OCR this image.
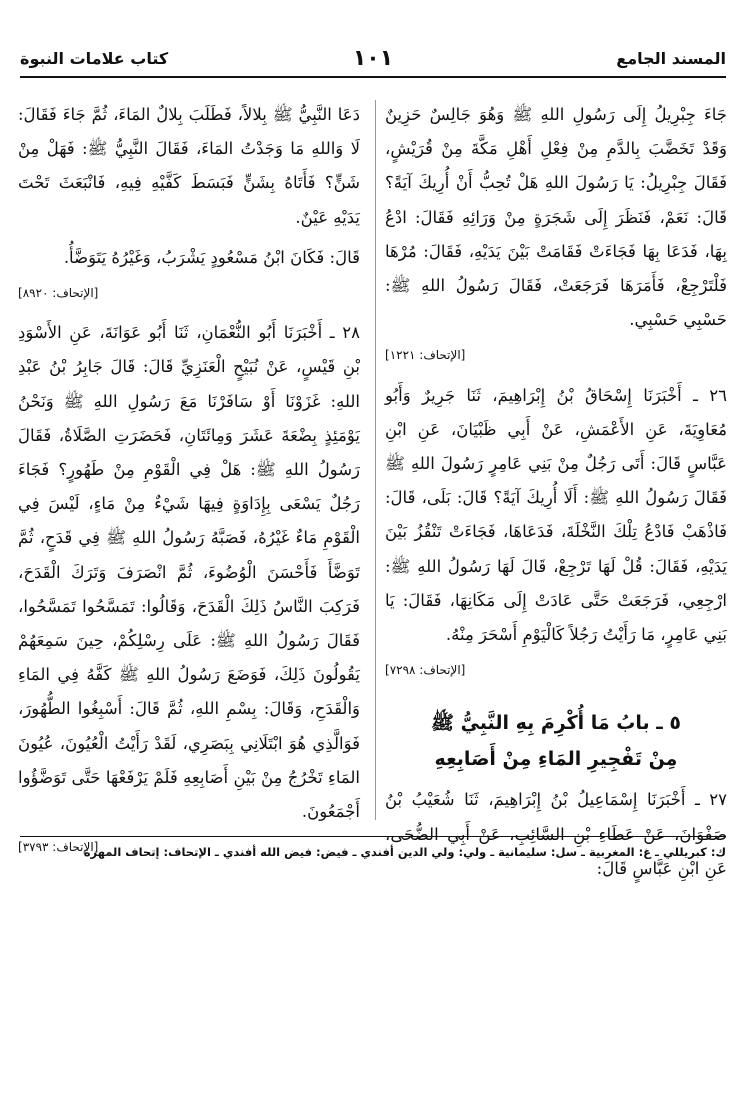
المسند الجامع
١٠١
كتاب علامات النبوة

جَاءَ جِبْرِيلُ إِلَى رَسُولِ اللهِ ﷺ وَهُوَ جَالِسٌ حَزِينٌ وَقَدْ تَخَضَّبَ بِالدَّمِ مِنْ فِعْلِ أَهْلِ مَكَّةَ مِنْ قُرَيْشٍ، فَقَالَ جِبْرِيلُ: يَا رَسُولَ اللهِ هَلْ تُحِبُّ أَنْ أُرِيكَ آيَةً؟ قَالَ: نَعَمْ، فَنَظَرَ إِلَى شَجَرَةٍ مِنْ وَرَائِهِ فَقَالَ: ادْعُ بِهَا، فَدَعَا بِهَا فَجَاءَتْ فَقَامَتْ بَيْنَ يَدَيْهِ، فَقَالَ: مُرْهَا فَلْتَرْجِعْ، فَأَمَرَهَا فَرَجَعَتْ، فَقَالَ رَسُولُ اللهِ ﷺ: حَسْبِي حَسْبِي.

[الإتحاف: ١٢٢١]

٢٦ ـ أَخْبَرَنَا إِسْحَاقُ بْنُ إِبْرَاهِيمَ، ثَنَا جَرِيرٌ وَأَبُو مُعَاوِيَةَ، عَنِ الأَعْمَشِ، عَنْ أَبِي ظَبْيَانَ، عَنِ ابْنِ عَبَّاسٍ قَالَ: أَتَى رَجُلٌ مِنْ بَنِي عَامِرٍ رَسُولَ اللهِ ﷺ فَقَالَ رَسُولُ اللهِ ﷺ: أَلَا أُرِيكَ آيَةً؟ قَالَ: بَلَى، قَالَ: فَاذْهَبْ فَادْعُ تِلْكَ النَّخْلَةَ، فَدَعَاهَا، فَجَاءَتْ تَنْقُزُ بَيْنَ يَدَيْهِ، فَقَالَ: قُلْ لَهَا تَرْجِعْ، قَالَ لَهَا رَسُولُ اللهِ ﷺ: ارْجِعِي، فَرَجَعَتْ حَتَّى عَادَتْ إِلَى مَكَانِهَا، فَقَالَ: يَا بَنِي عَامِرٍ، مَا رَأَيْتُ رَجُلاً كَالْيَوْمِ أَسْحَرَ مِنْهُ.

[الإتحاف: ٧٢٩٨]

٥ ـ بابُ مَا أُكْرِمَ بِهِ النَّبِيُّ ﷺ
مِنْ تَفْجِيرِ المَاءِ مِنْ أَصَابِعِهِ

٢٧ ـ أَخْبَرَنَا إِسْمَاعِيلُ بْنُ إِبْرَاهِيمَ، ثَنَا شُعَيْبُ بْنُ صَفْوَانَ، عَنْ عَطَاءِ بْنِ السَّائِبِ، عَنْ أَبِي الضُّحَى، عَنِ ابْنِ عَبَّاسٍ قَالَ:

دَعَا النَّبِيُّ ﷺ بِلالاً، فَطَلَبَ بِلالٌ المَاءَ، ثُمَّ جَاءَ فَقَالَ: لَا وَاللهِ مَا وَجَدْتُ المَاءَ، فَقَالَ النَّبِيُّ ﷺ: فَهَلْ مِنْ شَنٍّ؟ فَأَتَاهُ بِشَنٍّ فَبَسَطَ كَفَّيْهِ فِيهِ، فَانْبَعَثَ تَحْتَ يَدَيْهِ عَيْنٌ.

قَالَ: فَكَانَ ابْنُ مَسْعُودٍ يَشْرَبُ، وَغَيْرُهُ يَتَوَضَّأُ.

[الإتحاف: ٨٩٢٠]

٢٨ ـ أَخْبَرَنَا أَبُو النُّعْمَانِ، ثَنَا أَبُو عَوَانَةَ، عَنِ الأَسْوَدِ بْنِ قَيْسٍ، عَنْ نُبَيْحٍ الْعَنَزِيِّ قَالَ: قَالَ جَابِرُ بْنُ عَبْدِ اللهِ: غَزَوْنَا أَوْ سَافَرْنَا مَعَ رَسُولِ اللهِ ﷺ وَنَحْنُ يَوْمَئِذٍ بِضْعَةَ عَشَرَ وَمِائَتَانِ، فَحَضَرَتِ الصَّلَاةُ، فَقَالَ رَسُولُ اللهِ ﷺ: هَلْ فِي الْقَوْمِ مِنْ طَهُورٍ؟ فَجَاءَ رَجُلٌ يَسْعَى بِإِدَاوَةٍ فِيهَا شَيْءٌ مِنْ مَاءٍ، لَيْسَ فِي الْقَوْمِ مَاءٌ غَيْرُهُ، فَصَبَّهُ رَسُولُ اللهِ ﷺ فِي قَدَحٍ، ثُمَّ تَوَضَّأَ فَأَحْسَنَ الْوُضُوءَ، ثُمَّ انْصَرَفَ وَتَرَكَ الْقَدَحَ، فَرَكِبَ النَّاسُ ذَلِكَ الْقَدَحَ، وَقَالُوا: تَمَسَّحُوا تَمَسَّحُوا، فَقَالَ رَسُولُ اللهِ ﷺ: عَلَى رِسْلِكُمْ، حِينَ سَمِعَهُمْ يَقُولُونَ ذَلِكَ، فَوَضَعَ رَسُولُ اللهِ ﷺ كَفَّهُ فِي المَاءِ وَالْقَدَحِ، وَقَالَ: بِسْمِ اللهِ، ثُمَّ قَالَ: أَسْبِغُوا الطُّهُورَ، فَوَالَّذِي هُوَ ابْتَلَانِي بِبَصَرِي، لَقَدْ رَأَيْتُ الْعُيُونَ، عُيُونَ المَاءِ تَخْرُجُ مِنْ بَيْنِ أَصَابِعِهِ فَلَمْ يَرْفَعْهَا حَتَّى تَوَضَّؤُوا أَجْمَعُونَ.

[الإتحاف: ٣٧٩٣]

ك: كبريللي ـ غ: المغربية ـ سل: سليمانية ـ ولي: ولي الدين أفندي ـ فيض: فيض الله أفندي ـ الإتحاف: إتحاف المهرة
